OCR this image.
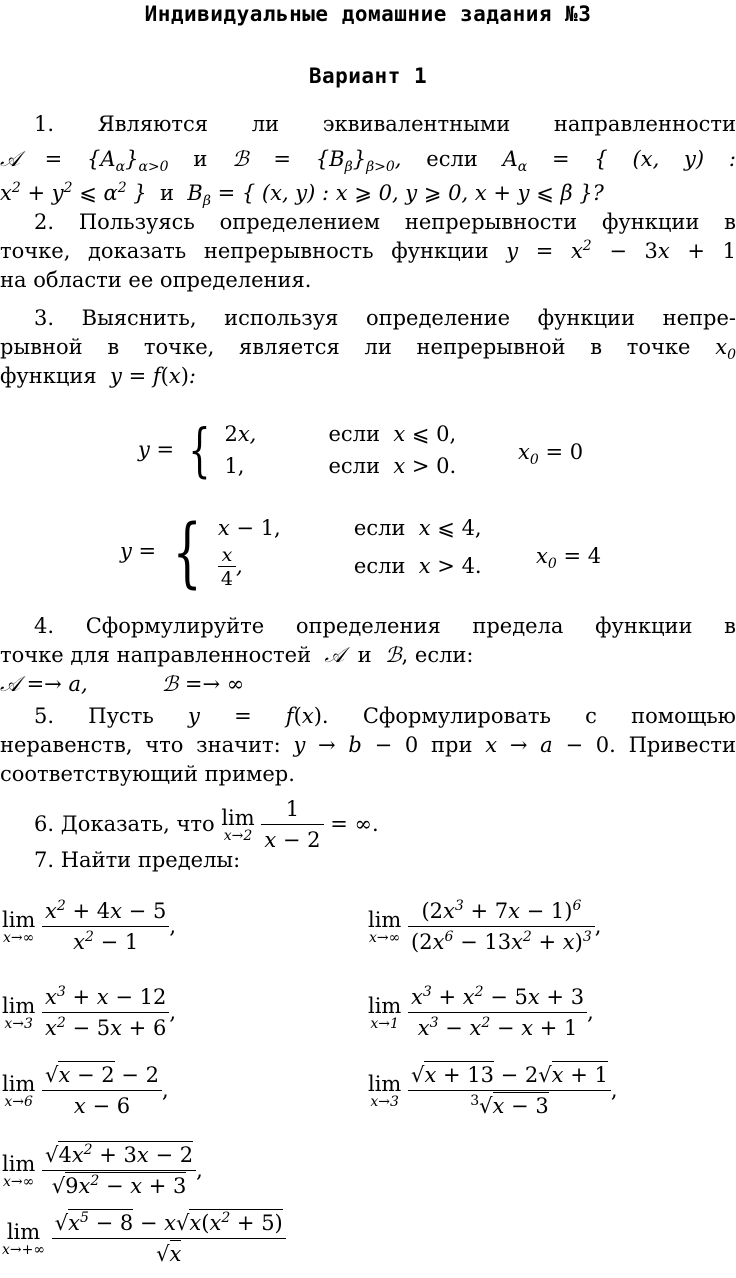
Индивидуальные домашние задания №3
Вариант 1
1. Являются ли эквивалентными направленности
𝒜 = $\{A_\alpha\}_{\alpha>0}$ и ℬ = $\{B_\beta\}_{\beta>0}$, если $A_\alpha$ = { (x, y) :
$x^2 + y^2$ ⩽ $\alpha^2$ } и $B_\beta$ = { (x, y) : x ⩾ 0, y ⩾ 0, x + y ⩽ β }?
2. Пользуясь определением непрерывности функции в
точке, доказать непрерывность функции $y = x^2 - 3x + 1$
на области ее определения.
3. Выяснить, используя определение функции непре-
рывной в точке, является ли непрерывной в точке $x_0$
функция  y = f(x):
y = { 2x,	если  x ⩽ 0,
1,	если  x > 0.
$x_0 = 0$
y = { x − 1,	если  x ⩽ 4,
$\frac{x}{4}$ ,	если  x > 4.	$x_0 = 4$
4. Сформулируйте определения предела функции в
точке для направленностей 𝒜 и ℬ, если:
𝒜 =→ a,	ℬ =→ ∞
5. Пусть y = f(x). Сформулировать с помощью
неравенств, что значит: y → b − 0 при x → a − 0. Привести
соответствующий пример.
6. Доказать, что lim
x→2
$\frac{1}{x - 2}$ = ∞.
7. Найти пределы:
lim
x→∞
$\frac{x^2 + 4x - 5}{x^2 - 1}$ ,	lim
x→∞
$\frac{(2x^3 + 7x - 1)^6}{(2x^6 - 13x^2 + x)^3}$ ,
lim
x→3
$\frac{x^3 + x - 12}{x^2 - 5x + 6}$ ,	lim
x→1
$\frac{x^3 + x^2 - 5x + 3}{x^3 - x^2 - x + 1}$ ,
lim
x→6
$\frac{√x - 2 - 2}{x - 6}$ ,	lim
x→3
$\frac{√x + 13 - 2√x + 1}{^3√x - 3}$ ,
lim
x→∞
$\frac{√4x^2 + 3x - 2}{√9x^2 - x + 3}$ ,
lim
x→+∞
$\frac{√x^5 - 8 - x√x(x^2 + 5)}{√x}$
